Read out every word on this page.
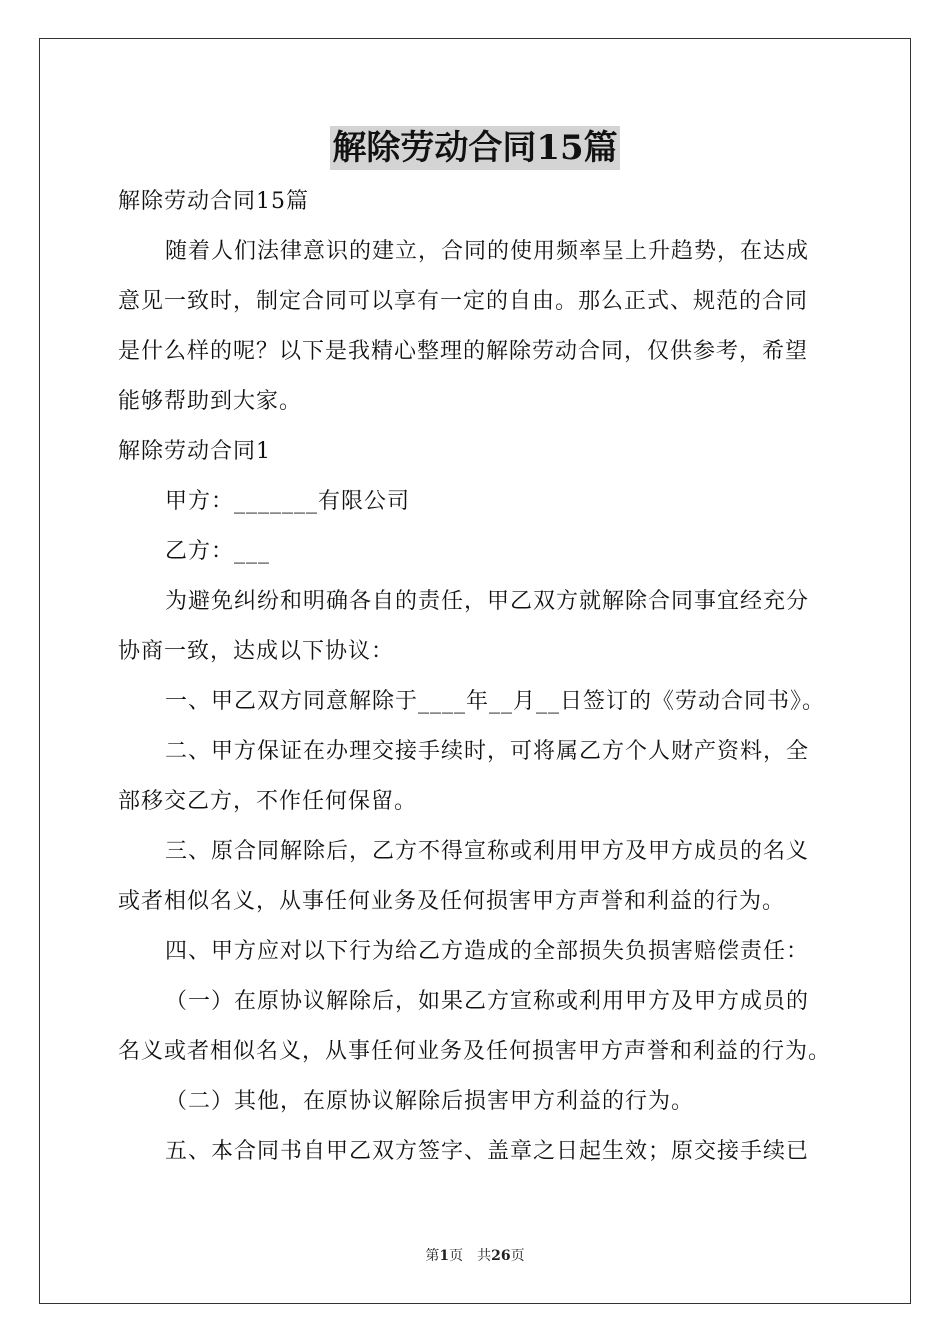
解除劳动合同15篇
解除劳动合同15篇
随着人们法律意识的建立，合同的使用频率呈上升趋势，在达成
意见一致时，制定合同可以享有一定的自由。那么正式、规范的合同
是什么样的呢？以下是我精心整理的解除劳动合同，仅供参考，希望
能够帮助到大家。
解除劳动合同1
甲方：_______有限公司
乙方：___
为避免纠纷和明确各自的责任，甲乙双方就解除合同事宜经充分
协商一致，达成以下协议：
一、甲乙双方同意解除于____年__月__日签订的《劳动合同书》。
二、甲方保证在办理交接手续时，可将属乙方个人财产资料，全
部移交乙方，不作任何保留。
三、原合同解除后，乙方不得宣称或利用甲方及甲方成员的名义
或者相似名义，从事任何业务及任何损害甲方声誉和利益的行为。
四、甲方应对以下行为给乙方造成的全部损失负损害赔偿责任：
（一）在原协议解除后，如果乙方宣称或利用甲方及甲方成员的
名义或者相似名义，从事任何业务及任何损害甲方声誉和利益的行为。
（二）其他，在原协议解除后损害甲方利益的行为。
五、本合同书自甲乙双方签字、盖章之日起生效；原交接手续已
第1页 共26页
